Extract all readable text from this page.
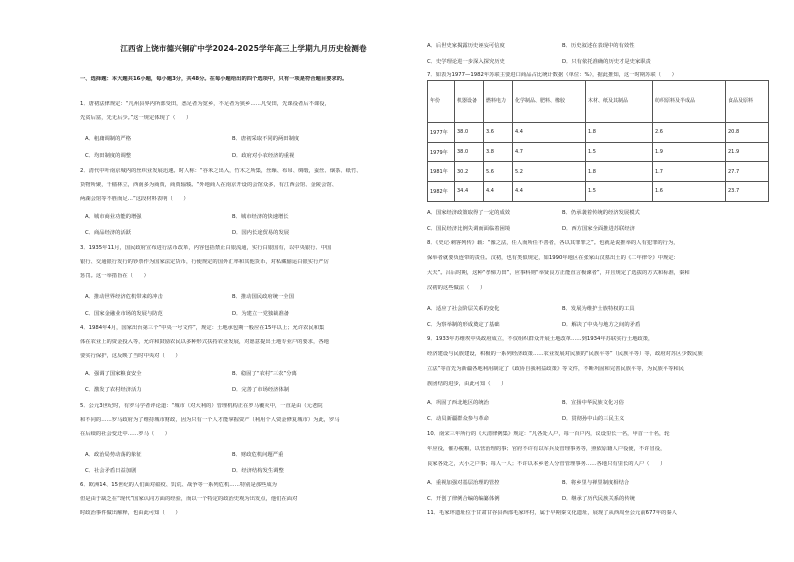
江西省上饶市德兴铜矿中学2024-2025学年高三上学期九月历史检测卷
一、选择题：本大题共16小题，每小题3分，共48分。在每小题给出的四个选项中，只有一项是符合题目要求的。
1．唐初法律规定：“凡州县界内所部受田，悉足者为宽乡，不足者为狭乡……凡受田，先课役者后不课役，
先贫后富，先无后少。”这一规定体现了（　　）
A．租庸调制的严格	B．唐初采取不同的两田制度
C．均田制度的调整	D．政府对小农经济的重视
2．清代中叶南京城内的丝织业发展迅速。时人称：“谷米之出入，竹木之所集，丝缫、布帛、绸缎，蚕丝、烟茶、纸竹、
货物所聚，千樯林立，西南多为商贾，商贾辐辏。“外地商人在南京开设的会馆众多，有江西会馆、金陵会馆、
两湖会馆等不胜而足…”这段材料表明（　　）
A．城市商业功能的增强	B．城市经济的快速增长
C．商品经济的活跃	D．国内长途贸易的发展
3．1935年11月，国民政府宣布进行法币改革，内容包括禁止白银流通，实行白银国有，以中央银行、中国
银行、交通银行发行的钞票作为国家法定货币，行使规定的国外汇率和其他货币，对私藏偷运白银实行严厉
惩罚。这一举措旨在（　　）
A．推动世界经济危机带来的冲击	B．推动国民政府统一全国
C．国家金融业市场的发展与防范	D．为建立一党独裁准备
4．1984年4月，国家出台第三个“中央一号文件”，规定：土地承包期一般应在15年以上；允许农民和集
体在农业上的资金投入等，允许和鼓励农民以多种形式扶持农业发展，对愿意提出土地专业户的要求，各地
要实行保护，这反映了当时中央对（　　）
A．强调了国家粮食安全	B．稳固了“农村”三农”分离
C．激发了农村经济活力	D．完善了市场经济体制
5．公元3世纪时，有罗马学者评论道：“城市（对大利的）管理机构正在罗马覆灭中，一直是由（元老院
和不同的……罗马政府为了维持城市财政，因为只有一个人才能掌握资产（利用个人资金修复城市）为此，罗马
在后续的社会变迁中……罗马（　　）
A．政治局势动荡的象征	B．财政危机问题严重
C．社会矛盾日益加剧	D．经济结构发生调整
6．欧洲14、15世纪的人们面对瘟疫、饥荒、战争等一系列危机……特别是那些成为
但是由于缺乏在“现代”国家认同方面的经验，而以一个特定的政治史观为出发点，他们在面对
时政治事件做出解释，也由此可知（　　）
A．后世史家揭露历史诬妄可信度	B．历史叙述在表现中的有效性
C．史学理论进一步深入探究历史	D．只有依托准确的历史才是史家职责
7．如表为1977—1982年苏联主要进口商品占比统计数据（单位：%），据此推知，这一时期苏联（　　）
年份	机器设备	燃料电力	化学制品、肥料、橡胶	木材、纸及其制品	纺织原料及半成品	食品及原料
1977年	38.0	3.6	4.4	1.8	2.6	20.8
1979年	38.0	3.8	4.7	1.5	1.9	21.9
1981年	30.2	5.6	5.2	1.8	1.7	27.7
1982年	34.4	4.4	4.4	1.5	1.6	23.7
A．国家经济政策取得了一定的成效	B．仍承袭着传统的经济发展模式
C．国民经济比例失调而面临着困境	D．西方国家全面推进苏联经济
8．《史记·刺客列传》载：“豫之法，任人而所任不善者，各以其罪罪之”。也就是说推举的人有犯罪的行为，
保举者就要负连带的责任。汉初，也有类似规定，如1990年地区在张家山汉墓出土的《二年律令》中规定：
大夫”。吕后时期，这种“孝悌力田”，应事科则“举贤良方正能直言极谏者”，并且规定了选拔的方式和标准，秦和
汉初的这些做法（　　）
A．适应了社会阶层关系的变化	B．发展为维护士族特权的工具
C．为察举制的形成奠定了基础	D．解决了中央与地方之间的矛盾
9．1933年苏维埃中央政府成立，不仅组织群众开展土地改革……到1934年苏联实行土地政策，
经济建设与民族建设，积极的一系列经济政策……农业发展对民族的“民族平等”（民族平等）等，政府对苏区少数民族
立法”等首先为新疆各地利用制定了《政协自我利益政策》等文件，不断巩固和完善民族平等，为民族平等和民
族团结的进步，由此可知（　　）
A．巩固了西北地区的统治	B．宣扬中华民族文化习俗
C．动员新疆群众参与革命	D．贯彻孙中山的三民主义
10．南宋三年所行的《大清律例集》规定：“凡各处人户，每一百户内，议设里长一名，甲首一十名，轮
年应役，催办税粮，以营治理的事；官府不许有以军兵及管理事务等，照依原籍人户役使，不许冒役，
良家各处之，大小之户事；每人一人；不许以本乡老人分管管理事务……各地只有里长的人户（　　）
A．重视加强对基层治理的管控	B．将乡里与禅里制度相结合
C．开创了律例合编的编纂体例	D．继承了历代民族关系的传统
11．毛家坪遗址位于甘肃甘谷县西部毛家坪村，属于早期秦文化遗址，展现了从西周至公元前677年的秦人
